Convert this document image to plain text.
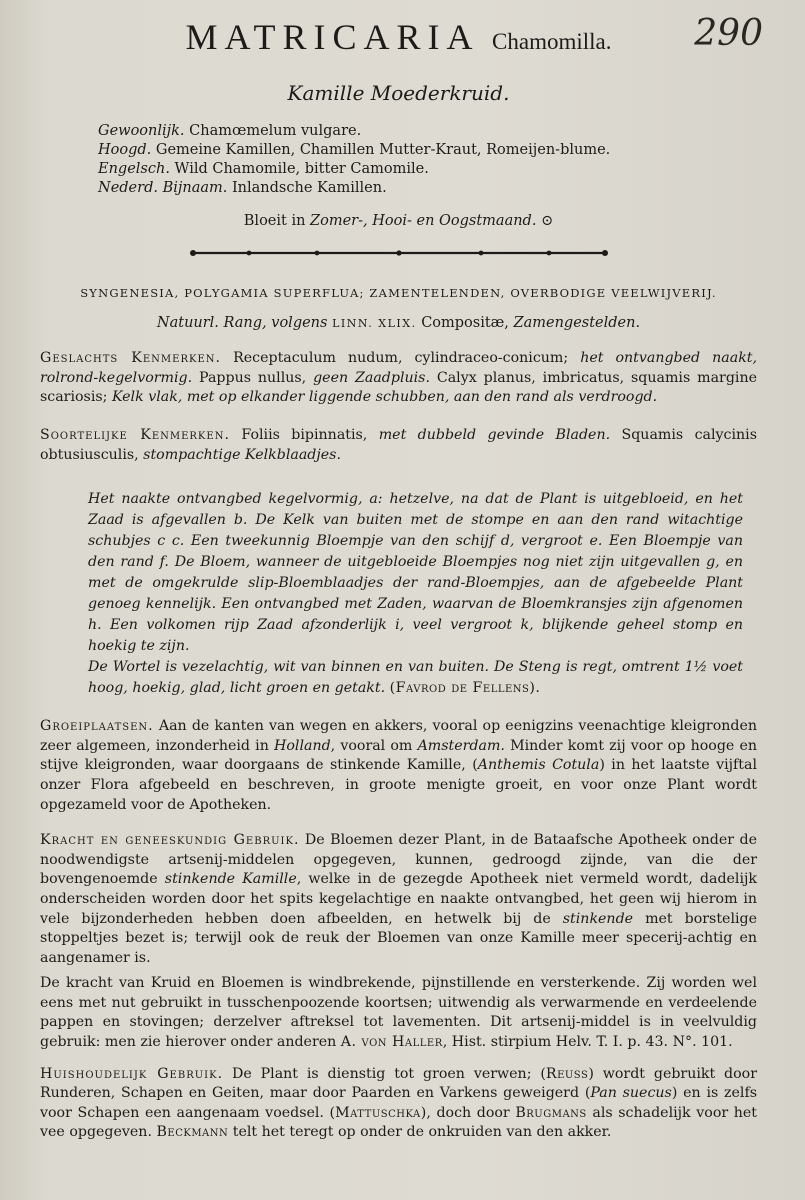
MATRICARIA Chamomilla. 290
Kamille Moederkruid.
Gewoonlijk. Chamœmelum vulgare.
Hoogd. Gemeine Kamillen, Chamillen Mutter-Kraut, Romeijen-blume.
Engelsch. Wild Chamomile, bitter Camomile.
Nederd. Bijnaam. Inlandsche Kamillen.
Bloeit in Zomer-, Hooi- en Oogstmaand. ⊙
SYNGENESIA, POLYGAMIA SUPERFLUA; ZAMENTELENDEN, OVERBODIGE VEELWIJVERIJ.
Natuurl. Rang, volgens LINN. XLIX. Compositæ, Zamengestelden.

Geslachts Kenmerken. Receptaculum nudum, cylindraceo-conicum; het ontvangbed naakt, rolrond-kegelvormig. Pappus nullus, geen Zaadpluis. Calyx planus, imbricatus, squamis margine scariosis; Kelk vlak, met op elkander liggende schubben, aan den rand als verdroogd.

Soortelijke Kenmerken. Foliis bipinnatis, met dubbeld gevinde Bladen. Squamis calycinis obtusiusculis, stompachtige Kelkblaadjes.

Het naakte ontvangbed kegelvormig, a: hetzelve, na dat de Plant is uitgebloeid, en het Zaad is afgevallen b. De Kelk van buiten met de stompe en aan den rand witachtige schubjes c c. Een tweekunnig Bloempje van den schijf d, vergroot e. Een Bloempje van den rand f. De Bloem, wanneer de uitgebloeide Bloempjes nog niet zijn uitgevallen g, en met de omgekrulde slip-Bloemblaadjes der rand-Bloempjes, aan de afgebeelde Plant genoeg kennelijk. Een ontvangbed met Zaden, waarvan de Bloemkransjes zijn afgenomen h. Een volkomen rijp Zaad afzonderlijk i, veel vergroot k, blijkende geheel stomp en hoekig te zijn.

De Wortel is vezelachtig, wit van binnen en van buiten. De Steng is regt, omtrent 1½ voet hoog, hoekig, glad, licht groen en getakt. (Favrod de Fellens).

Groeiplaatsen. Aan de kanten van wegen en akkers, vooral op eenigzins veenachtige kleigronden zeer algemeen, inzonderheid in Holland, vooral om Amsterdam. Minder komt zij voor op hooge en stijve kleigronden, waar doorgaans de stinkende Kamille, (Anthemis Cotula) in het laatste vijftal onzer Flora afgebeeld en beschreven, in groote menigte groeit, en voor onze Plant wordt opgezameld voor de Apotheken.

Kracht en geneeskundig Gebruik. De Bloemen dezer Plant, in de Bataafsche Apotheek onder de noodwendigste artsenij-middelen opgegeven, kunnen, gedroogd zijnde, van die der bovengenoemde stinkende Kamille, welke in de gezegde Apotheek niet vermeld wordt, dadelijk onderscheiden worden door het spits kegelachtige en naakte ontvangbed, het geen wij hierom in vele bijzonderheden hebben doen afbeelden, en hetwelk bij de stinkende met borstelige stoppeltjes bezet is; terwijl ook de reuk der Bloemen van onze Kamille meer specerij-achtig en aangenamer is.

De kracht van Kruid en Bloemen is windbrekende, pijnstillende en versterkende. Zij worden wel eens met nut gebruikt in tusschenpoozende koortsen; uitwendig als verwarmende en verdeelende pappen en stovingen; derzelver aftreksel tot lavementen. Dit artsenij-middel is in veelvuldig gebruik: men zie hierover onder anderen A. von Haller, Hist. stirpium Helv. T. I. p. 43. N°. 101.

Huishoudelijk Gebruik. De Plant is dienstig tot groen verwen; (Reuss) wordt gebruikt door Runderen, Schapen en Geiten, maar door Paarden en Varkens geweigerd (Pan suecus) en is zelfs voor Schapen een aangenaam voedsel. (Mattuschka), doch door Brugmans als schadelijk voor het vee opgegeven. Beckmann telt het teregt op onder de onkruiden van den akker.
